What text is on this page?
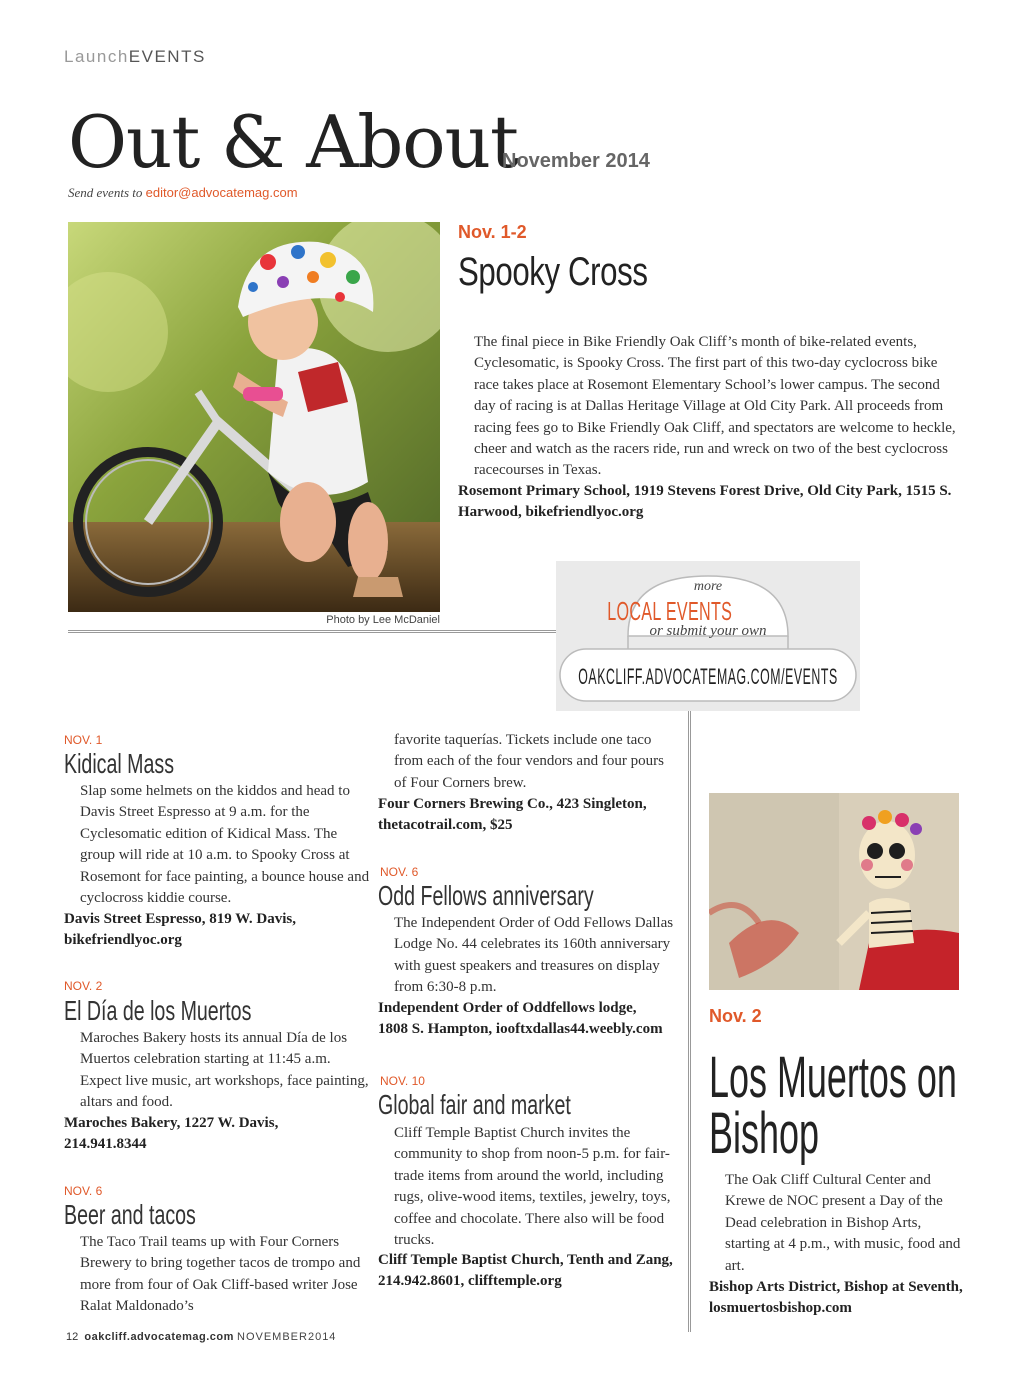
LaunchEVENTS
Out & About
November 2014
Send events to editor@advocatemag.com
Photo by Lee McDaniel
Nov. 1-2
Spooky Cross
The final piece in Bike Friendly Oak Cliff’s month of bike-related events, Cyclesomatic, is Spooky Cross. The first part of this two-day cyclocross bike race takes place at Rosemont Elementary School’s lower campus. The second day of racing is at Dallas Heritage Village at Old City Park. All proceeds from racing fees go to Bike Friendly Oak Cliff, and spectators are welcome to heckle, cheer and watch as the racers ride, run and wreck on two of the best cyclocross racecourses in Texas.
Rosemont Primary School, 1919 Stevens Forest Drive, Old City Park, 1515 S. Harwood, bikefriendlyoc.org
more
LOCAL EVENTS
or submit your own
OAKCLIFF.ADVOCATEMAG.COM/EVENTS
NOV. 1
Kidical Mass
Slap some helmets on the kiddos and head to Davis Street Espresso at 9 a.m. for the Cyclesomatic edition of Kidical Mass. The group will ride at 10 a.m. to Spooky Cross at Rosemont for face painting, a bounce house and cyclocross kiddie course.
Davis Street Espresso, 819 W. Davis, bikefriendlyoc.org
NOV. 2
El Día de los Muertos
Maroches Bakery hosts its annual Día de los Muertos celebration starting at 11:45 a.m. Expect live music, art workshops, face painting, altars and food.
Maroches Bakery, 1227 W. Davis, 214.941.8344
NOV. 6
Beer and tacos
The Taco Trail teams up with Four Corners Brewery to bring together tacos de trompo and more from four of Oak Cliff-based writer Jose Ralat Maldonado’s
favorite taquerías. Tickets include one taco from each of the four vendors and four pours of Four Corners brew.
Four Corners Brewing Co., 423 Singleton, thetacotrail.com, $25
NOV. 6
Odd Fellows anniversary
The Independent Order of Odd Fellows Dallas Lodge No. 44 celebrates its 160th anniversary with guest speakers and treasures on display from 6:30-8 p.m.
Independent Order of Oddfellows lodge, 1808 S. Hampton, iooftxdallas44.weebly.com
NOV. 10
Global fair and market
Cliff Temple Baptist Church invites the community to shop from noon-5 p.m. for fair-trade items from around the world, including rugs, olive-wood items, textiles, jewelry, toys, coffee and chocolate. There also will be food trucks.
Cliff Temple Baptist Church, Tenth and Zang, 214.942.8601, clifftemple.org
Nov. 2
Los Muertos on
Bishop
The Oak Cliff Cultural Center and Krewe de NOC present a Day of the Dead celebration in Bishop Arts, starting at 4 p.m., with music, food and art.
Bishop Arts District, Bishop at Seventh, losmuertosbishop.com
12 oakcliff.advocatemag.com NOVEMBER2014
